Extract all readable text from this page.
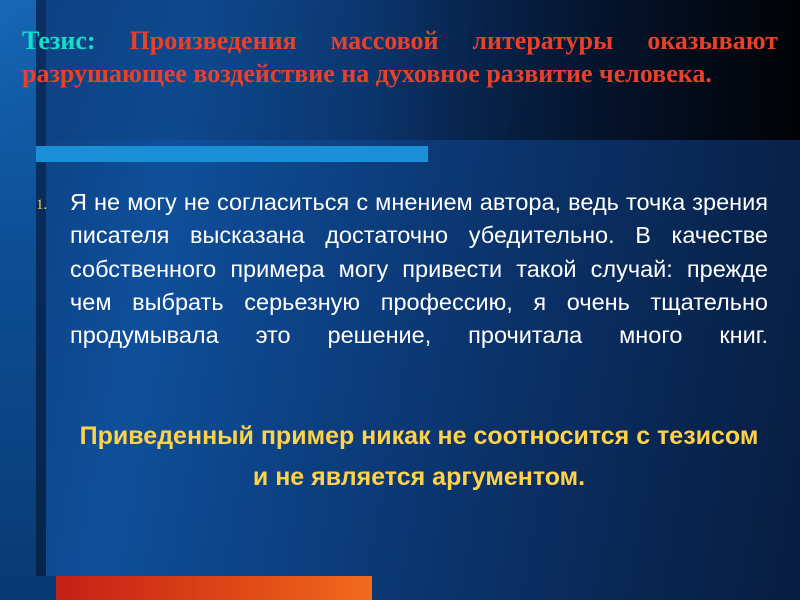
Тезис: Произведения массовой литературы оказывают разрушающее воздействие на духовное развитие человека.
1. Я не могу не согласиться с мнением автора, ведь точка зрения писателя высказана достаточно убедительно. В качестве собственного примера могу привести такой случай: прежде чем выбрать серьезную профессию, я очень тщательно продумывала это решение, прочитала много книг.
Приведенный пример никак не соотносится с тезисом и не является аргументом.
